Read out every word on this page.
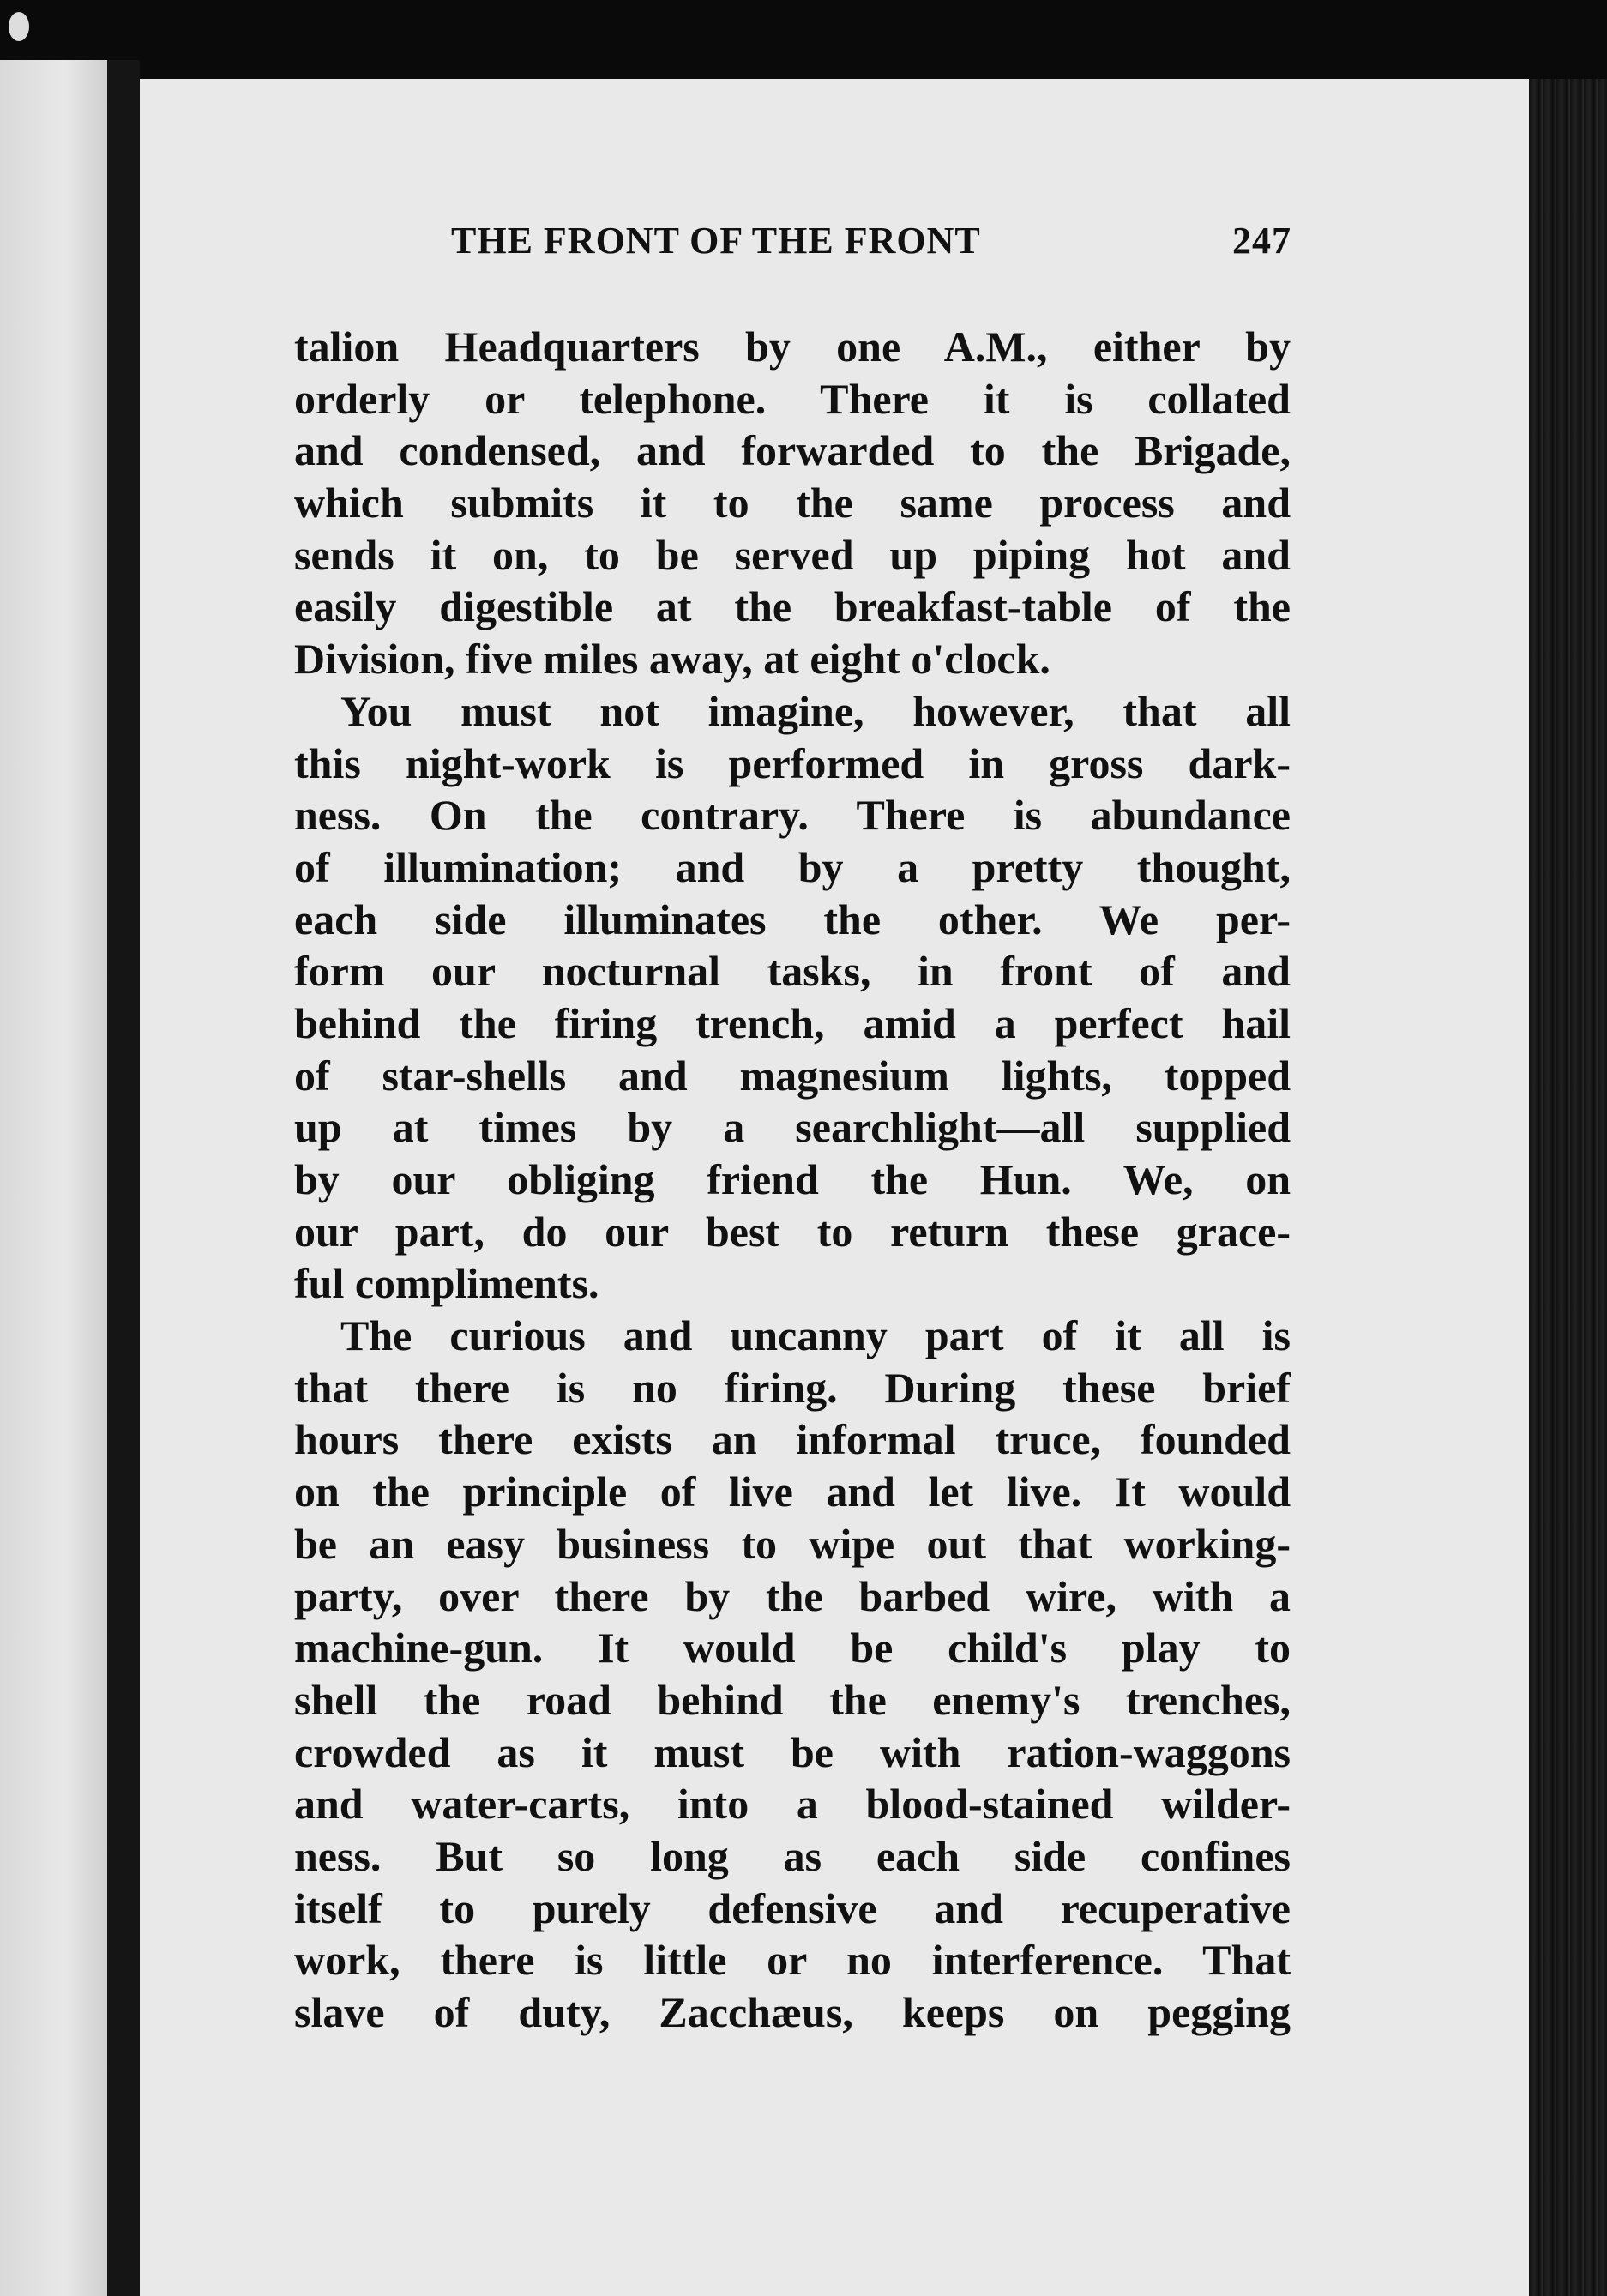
THE FRONT OF THE FRONT	247
talion Headquarters by one A.M., either by
orderly or telephone. There it is collated
and condensed, and forwarded to the Brigade,
which submits it to the same process and
sends it on, to be served up piping hot and
easily digestible at the breakfast-table of the
Division, five miles away, at eight o'clock.
You must not imagine, however, that all
this night-work is performed in gross dark-
ness. On the contrary. There is abundance
of illumination; and by a pretty thought,
each side illuminates the other. We per-
form our nocturnal tasks, in front of and
behind the firing trench, amid a perfect hail
of star-shells and magnesium lights, topped
up at times by a searchlight—all supplied
by our obliging friend the Hun. We, on
our part, do our best to return these grace-
ful compliments.
The curious and uncanny part of it all is
that there is no firing. During these brief
hours there exists an informal truce, founded
on the principle of live and let live. It would
be an easy business to wipe out that working-
party, over there by the barbed wire, with a
machine-gun. It would be child's play to
shell the road behind the enemy's trenches,
crowded as it must be with ration-waggons
and water-carts, into a blood-stained wilder-
ness. But so long as each side confines
itself to purely defensive and recuperative
work, there is little or no interference. That
slave of duty, Zacchæus, keeps on pegging
